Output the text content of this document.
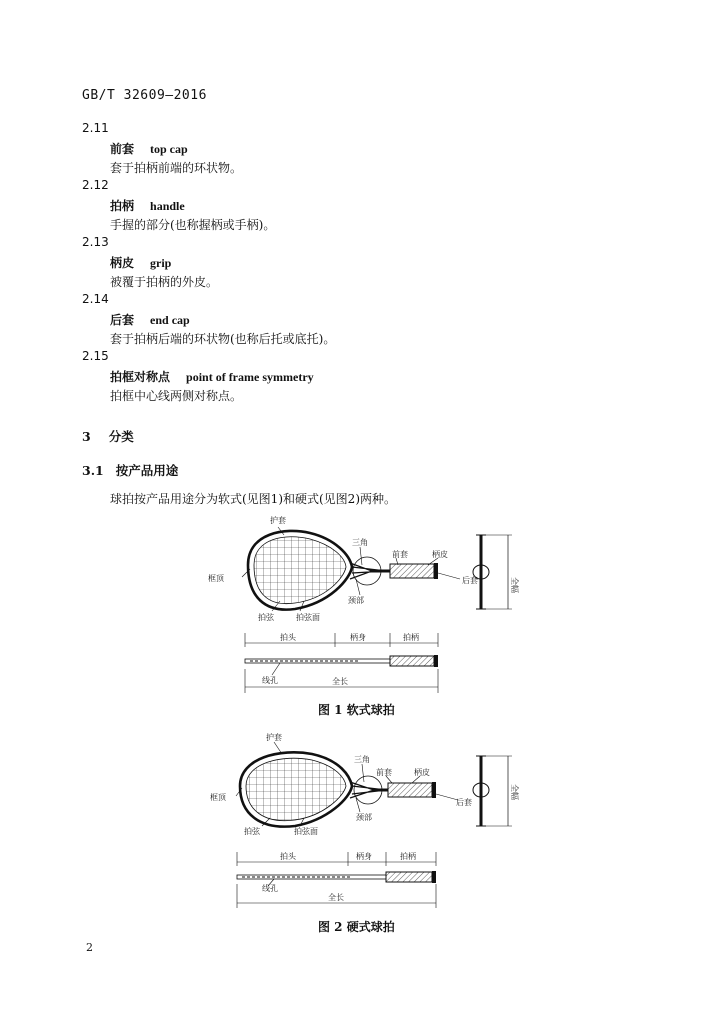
GB/T 32609—2016
2.11
前套 top cap
套于拍柄前端的环状物。
2.12
拍柄 handle
手握的部分(也称握柄或手柄)。
2.13
柄皮 grip
被覆于拍柄的外皮。
2.14
后套 end cap
套于拍柄后端的环状物(也称后托或底托)。
2.15
拍框对称点 point of frame symmetry
拍框中心线两侧对称点。
3 分类
3.1 按产品用途
球拍按产品用途分为软式(见图1)和硬式(见图2)两种。
护套
三角
前套	柄皮
框顶	后套
颈部
拍弦	拍弦面
全幅
拍头	柄身	拍柄
线孔	全长
图 1 软式球拍
护套
三角
前套	柄皮
框顶
后套
颈部
拍弦	拍弦面
全幅
拍头	柄身	拍柄
线孔
全长
图 2 硬式球拍
2
